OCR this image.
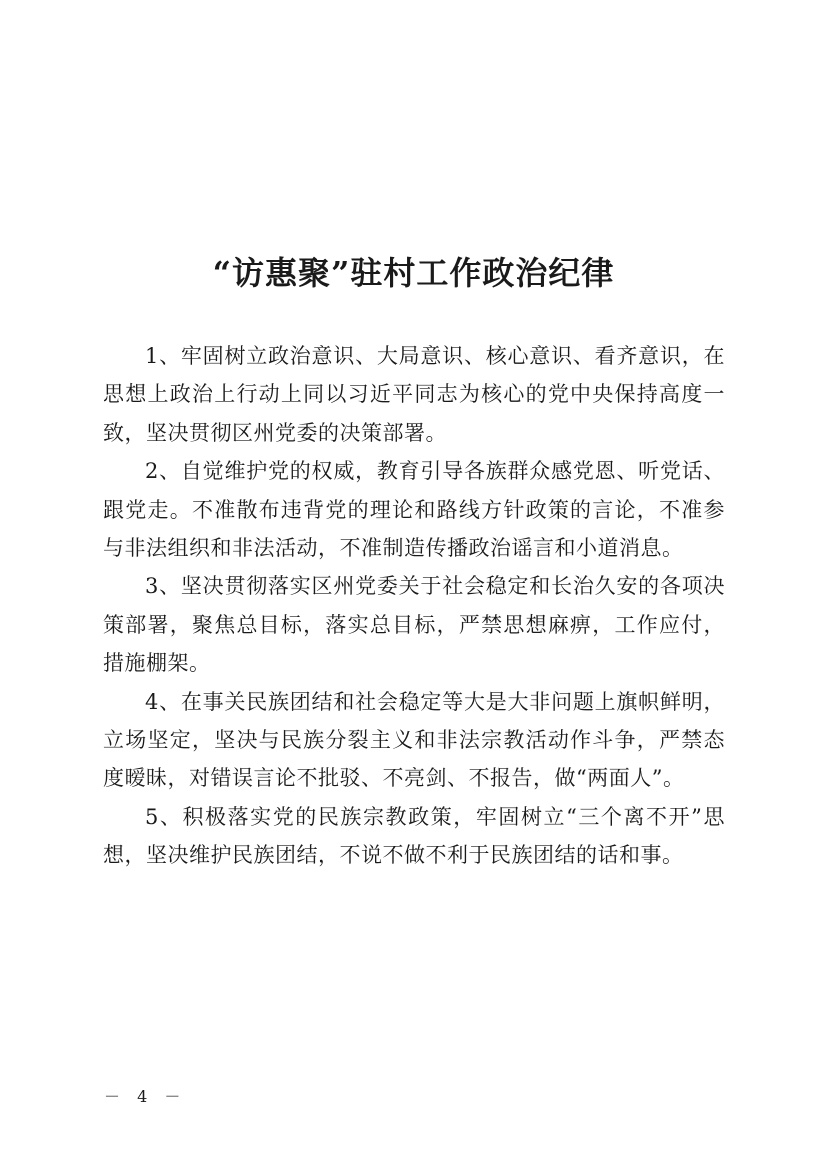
“访惠聚”驻村工作政治纪律

1、牢固树立政治意识、大局意识、核心意识、看齐意识，在思想上政治上行动上同以习近平同志为核心的党中央保持高度一致，坚决贯彻区州党委的决策部署。

2、自觉维护党的权威，教育引导各族群众感党恩、听党话、跟党走。不准散布违背党的理论和路线方针政策的言论，不准参与非法组织和非法活动，不准制造传播政治谣言和小道消息。

3、坚决贯彻落实区州党委关于社会稳定和长治久安的各项决策部署，聚焦总目标，落实总目标，严禁思想麻痹，工作应付，措施棚架。

4、在事关民族团结和社会稳定等大是大非问题上旗帜鲜明，立场坚定，坚决与民族分裂主义和非法宗教活动作斗争，严禁态度暧昧，对错误言论不批驳、不亮剑、不报告，做“两面人”。

5、积极落实党的民族宗教政策，牢固树立“三个离不开”思想，坚决维护民族团结，不说不做不利于民族团结的话和事。

－ 4 －
